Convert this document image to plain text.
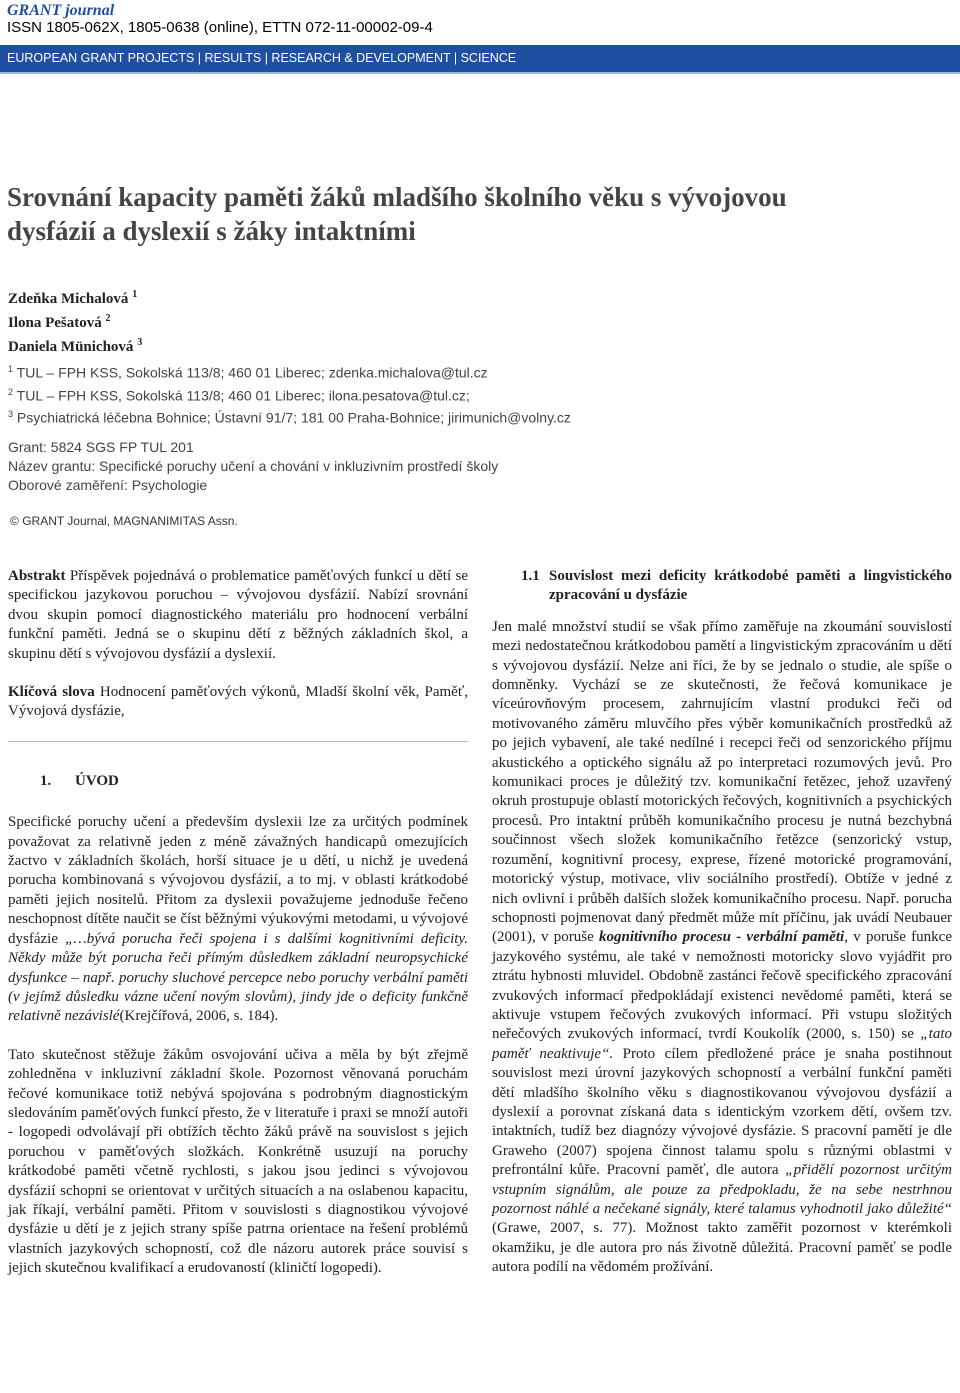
GRANT journal
ISSN 1805-062X, 1805-0638 (online), ETTN 072-11-00002-09-4
EUROPEAN GRANT PROJECTS | RESULTS | RESEARCH & DEVELOPMENT | SCIENCE
Srovnání kapacity paměti žáků mladšího školního věku s vývojovou
dysfázií a dyslexií s žáky intaktními
Zdeňka Michalová $^1$
Ilona Pešatová $^2$
Daniela Münichová $^3$
$^1$ TUL – FPH KSS, Sokolská 113/8; 460 01 Liberec; zdenka.michalova@tul.cz
$^2$ TUL – FPH KSS, Sokolská 113/8; 460 01 Liberec; ilona.pesatova@tul.cz;
$^3$ Psychiatrická léčebna Bohnice; Ústavní 91/7; 181 00 Praha-Bohnice; jirimunich@volny.cz
Grant: 5824 SGS FP TUL 201
Název grantu: Specifické poruchy učení a chování v inkluzivním prostředí školy
Oborové zaměření: Psychologie
© GRANT Journal, MAGNANIMITAS Assn.

Abstrakt Příspěvek pojednává o problematice paměťových funkcí u dětí se specifickou jazykovou poruchou – vývojovou dysfázií. Nabízí srovnání dvou skupin pomocí diagnostického materiálu pro hodnocení verbální funkční paměti. Jedná se o skupinu dětí z běžných základních škol, a skupinu dětí s vývojovou dysfázií a dyslexií.

Klíčová slova Hodnocení paměťových výkonů, Mladší školní věk, Paměť, Vývojová dysfázie,

1. ÚVOD

Specifické poruchy učení a především dyslexii lze za určitých podmínek považovat za relativně jeden z méně závažných handicapů omezujících žactvo v základních školách, horší situace je u dětí, u nichž je uvedená porucha kombinovaná s vývojovou dysfázií, a to mj. v oblasti krátkodobé paměti jejich nositelů. Přitom za dyslexii považujeme jednoduše řečeno neschopnost dítěte naučit se číst běžnými výukovými metodami, u vývojové dysfázie „…bývá porucha řeči spojena i s dalšími kognitivními deficity. Někdy může být porucha řeči přímým důsledkem základní neuropsychické dysfunkce – např. poruchy sluchové percepce nebo poruchy verbální paměti (v jejímž důsledku vázne učení novým slovům), jindy jde o deficity funkčně relativně nezávislé(Krejčířová, 2006, s. 184).

Tato skutečnost stěžuje žákům osvojování učiva a měla by být zřejmě zohledněna v inkluzivní základní škole. Pozornost věnovaná poruchám řečové komunikace totiž nebývá spojována s podrobným diagnostickým sledováním paměťových funkcí přesto, že v literatuře i praxi se množí autoři - logopedi odvolávají při obtížích těchto žáků právě na souvislost s jejich poruchou v paměťových složkách. Konkrétně usuzují na poruchy krátkodobé paměti včetně rychlosti, s jakou jsou jedinci s vývojovou dysfázií schopni se orientovat v určitých situacích a na oslabenou kapacitu, jak říkají, verbální paměti. Přitom v souvislosti s diagnostikou vývojové dysfázie u dětí je z jejich strany spíše patrna orientace na řešení problémů vlastních jazykových schopností, což dle názoru autorek práce souvisí s jejich skutečnou kvalifikací a erudovaností (kliničtí logopedi).

1.1 Souvislost mezi deficity krátkodobé paměti a lingvistického zpracování u dysfázie

Jen malé množství studií se však přímo zaměřuje na zkoumání souvislostí mezi nedostatečnou krátkodobou pamětí a lingvistickým zpracováním u dětí s vývojovou dysfázií. Nelze ani říci, že by se jednalo o studie, ale spíše o domněnky. Vychází se ze skutečnosti, že řečová komunikace je víceúrovňovým procesem, zahrnujícím vlastní produkci řeči od motivovaného záměru mluvčího přes výběr komunikačních prostředků až po jejich vybavení, ale také nedílné i recepci řeči od senzorického příjmu akustického a optického signálu až po interpretaci rozumových jevů. Pro komunikaci proces je důležitý tzv. komunikační řetězec, jehož uzavřený okruh prostupuje oblastí motorických řečových, kognitivních a psychických procesů. Pro intaktní průběh komunikačního procesu je nutná bezchybná součinnost všech složek komunikačního řetězce (senzorický vstup, rozumění, kognitivní procesy, exprese, řízené motorické programování, motorický výstup, motivace, vliv sociálního prostředí). Obtíže v jedné z nich ovlivní i průběh dalších složek komunikačního procesu. Např. porucha schopnosti pojmenovat daný předmět může mít příčinu, jak uvádí Neubauer (2001), v poruše kognitivního procesu - verbální paměti, v poruše funkce jazykového systému, ale také v nemožnosti motoricky slovo vyjádřit pro ztrátu hybnosti mluvidel. Obdobně zastánci řečově specifického zpracování zvukových informací předpokládají existenci nevědomé paměti, která se aktivuje vstupem řečových zvukových informací. Při vstupu složitých neřečových zvukových informací, tvrdí Koukolík (2000, s. 150) se „tato paměť neaktivuje“. Proto cílem předložené práce je snaha postihnout souvislost mezi úrovní jazykových schopností a verbální funkční paměti dětí mladšího školního věku s diagnostikovanou vývojovou dysfázií a dyslexií a porovnat získaná data s identickým vzorkem dětí, ovšem tzv. intaktních, tudíž bez diagnózy vývojové dysfázie. S pracovní pamětí je dle Graweho (2007) spojena činnost talamu spolu s různými oblastmi v prefrontální kůře. Pracovní paměť, dle autora „přidělí pozornost určitým vstupním signálům, ale pouze za předpokladu, že na sebe nestrhnou pozornost náhlé a nečekané signály, které talamus vyhodnotil jako důležité“ (Grawe, 2007, s. 77). Možnost takto zaměřit pozornost v kterémkoli okamžiku, je dle autora pro nás životně důležitá. Pracovní paměť se podle autora podílí na vědomém prožívání.
